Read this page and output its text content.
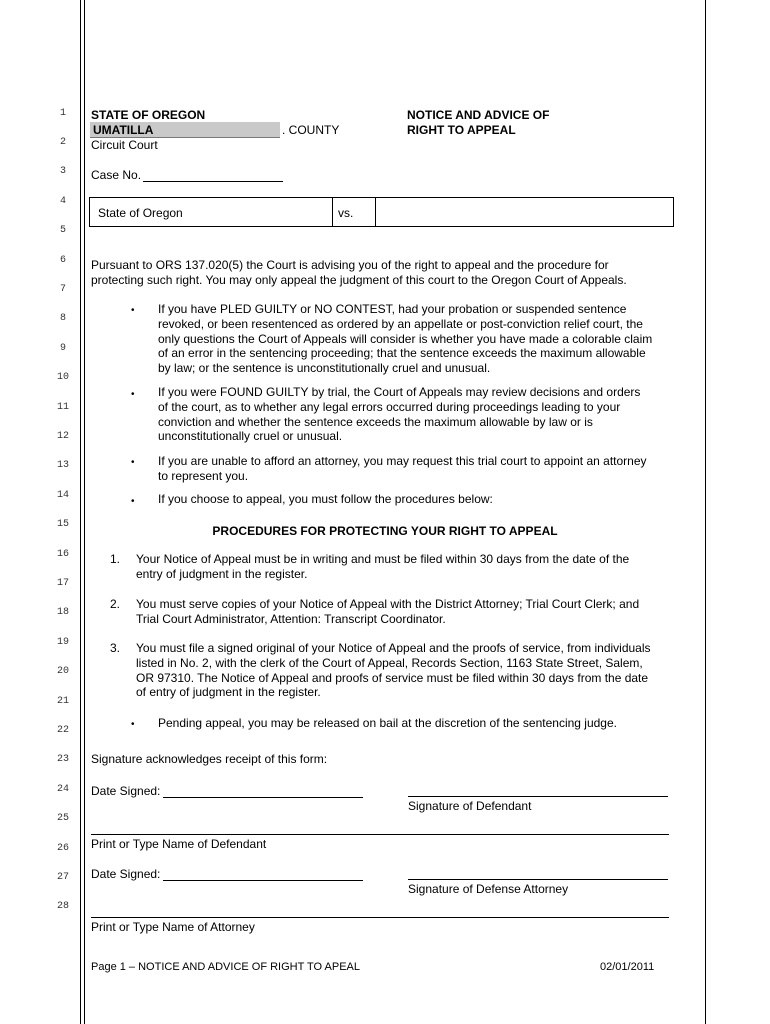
1
2
3
4
5
6
7
8
9
10
11
12
13
14
15
16
17
18
19
20
21
22
23
24
25
26
27
28
STATE OF OREGON
UMATILLA	. COUNTY
Circuit Court
NOTICE AND ADVICE OF
RIGHT TO APPEAL
Case No.
State of Oregon	vs.
Pursuant to ORS 137.020(5) the Court is advising you of the right to appeal and the procedure for
protecting such right. You may only appeal the judgment of this court to the Oregon Court of Appeals.
• If you have PLED GUILTY or NO CONTEST, had your probation or suspended sentence
revoked, or been resentenced as ordered by an appellate or post-conviction relief court, the
only questions the Court of Appeals will consider is whether you have made a colorable claim
of an error in the sentencing proceeding; that the sentence exceeds the maximum allowable
by law; or the sentence is unconstitutionally cruel and unusual.
• If you were FOUND GUILTY by trial, the Court of Appeals may review decisions and orders
of the court, as to whether any legal errors occurred during proceedings leading to your
conviction and whether the sentence exceeds the maximum allowable by law or is
unconstitutionally cruel or unusual.
• If you are unable to afford an attorney, you may request this trial court to appoint an attorney
to represent you.
• If you choose to appeal, you must follow the procedures below:
PROCEDURES FOR PROTECTING YOUR RIGHT TO APPEAL
1. Your Notice of Appeal must be in writing and must be filed within 30 days from the date of the
entry of judgment in the register.
2. You must serve copies of your Notice of Appeal with the District Attorney; Trial Court Clerk; and
Trial Court Administrator, Attention: Transcript Coordinator.
3. You must file a signed original of your Notice of Appeal and the proofs of service, from individuals
listed in No. 2, with the clerk of the Court of Appeal, Records Section, 1163 State Street, Salem,
OR 97310. The Notice of Appeal and proofs of service must be filed within 30 days from the date
of entry of judgment in the register.
• Pending appeal, you may be released on bail at the discretion of the sentencing judge.
Signature acknowledges receipt of this form:
Date Signed:
Signature of Defendant
Print or Type Name of Defendant
Date Signed:
Signature of Defense Attorney
Print or Type Name of Attorney
Page 1 – NOTICE AND ADVICE OF RIGHT TO APEAL	02/01/2011
